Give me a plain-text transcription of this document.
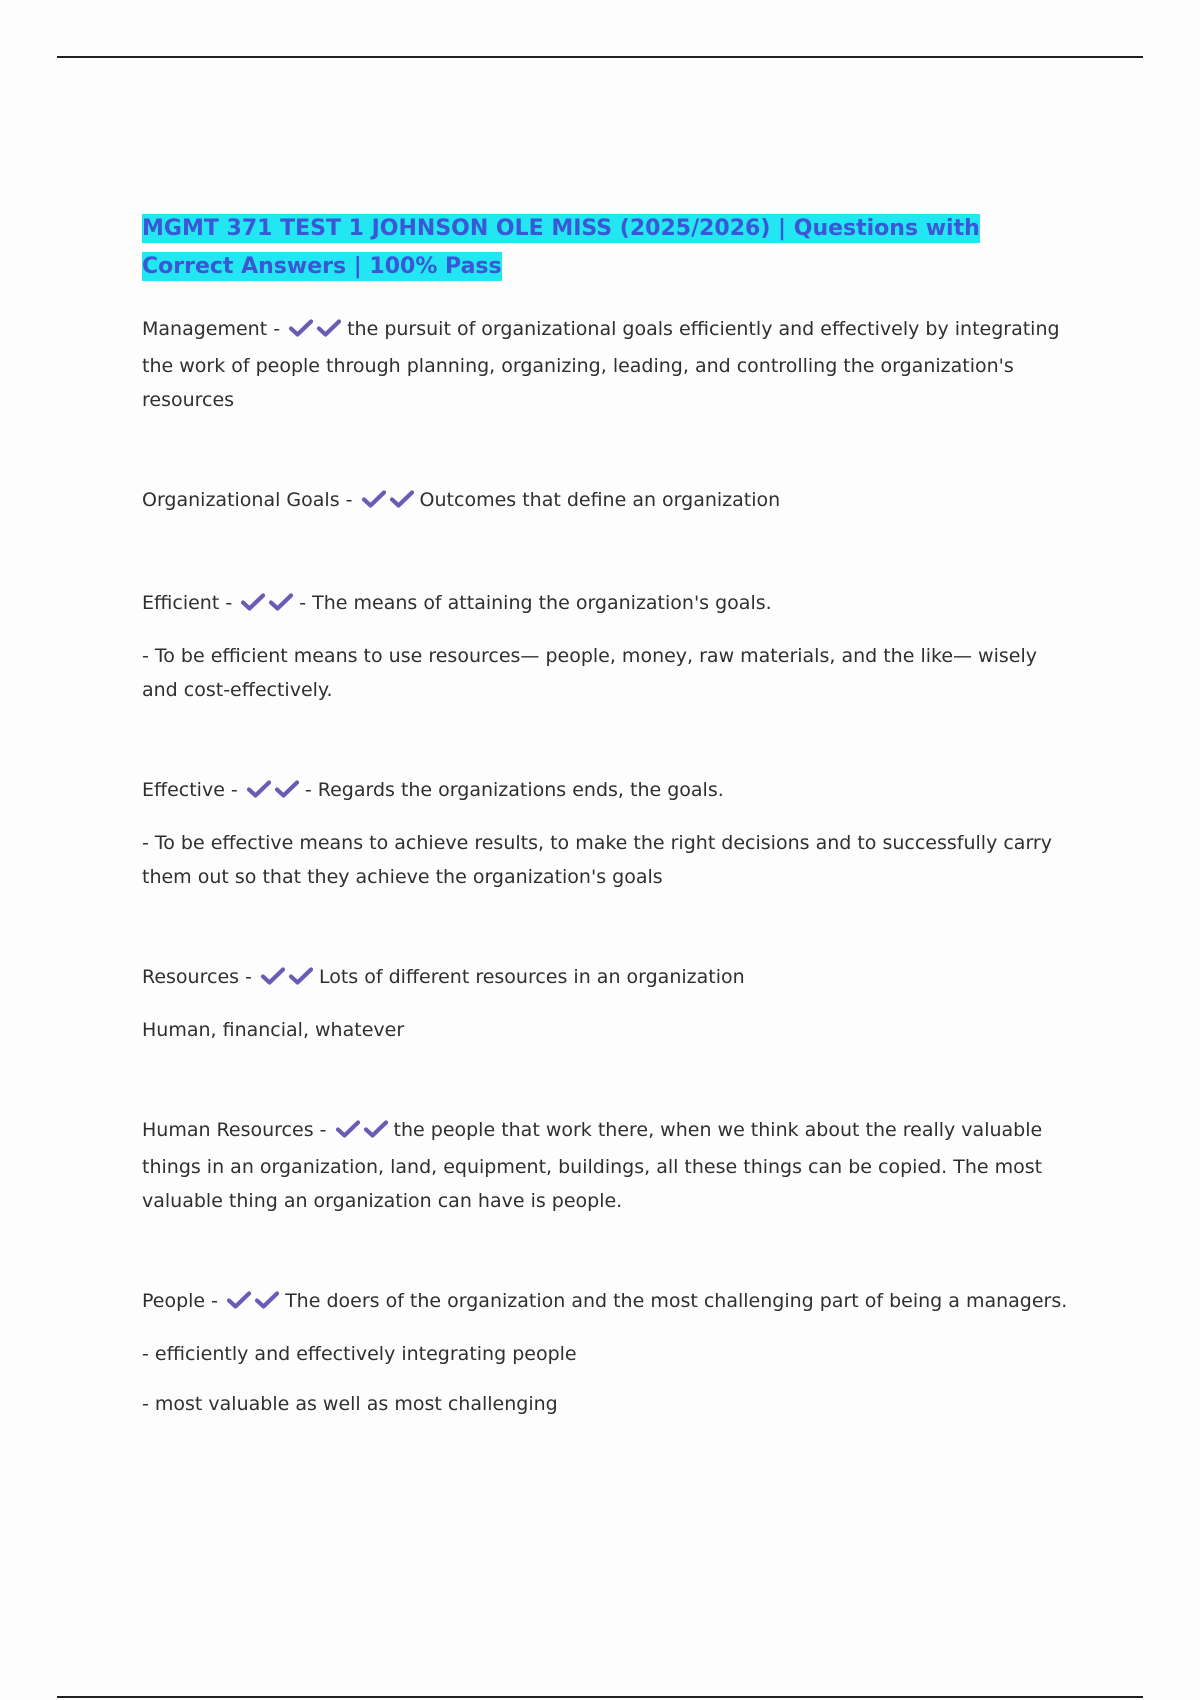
MGMT 371 TEST 1 JOHNSON OLE MISS (2025/2026) | Questions with Correct Answers | 100% Pass

Management -	the pursuit of organizational goals efficiently and effectively by integrating the work of people through planning, organizing, leading, and controlling the organization's resources

Organizational Goals -	Outcomes that define an organization

Efficient -	- The means of attaining the organization's goals.

- To be efficient means to use resources— people, money, raw materials, and the like— wisely and cost-effectively.

Effective -	- Regards the organizations ends, the goals.

- To be effective means to achieve results, to make the right decisions and to successfully carry them out so that they achieve the organization's goals

Resources -	Lots of different resources in an organization

Human, financial, whatever

Human Resources -	the people that work there, when we think about the really valuable things in an organization, land, equipment, buildings, all these things can be copied. The most valuable thing an organization can have is people.

People -	The doers of the organization and the most challenging part of being a managers.

- efficiently and effectively integrating people

- most valuable as well as most challenging
